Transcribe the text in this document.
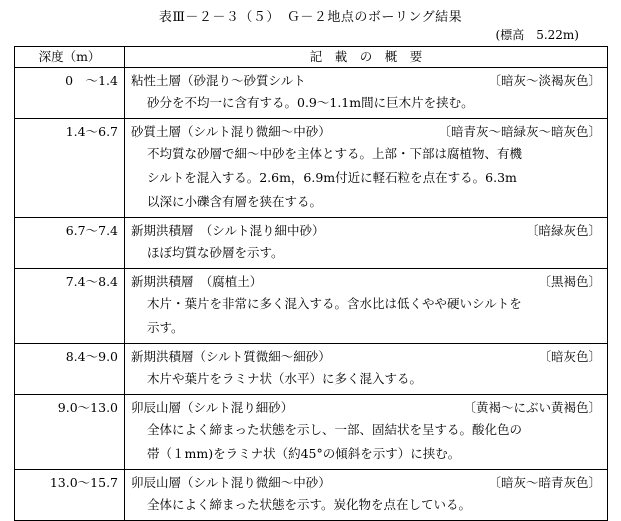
表Ⅲ－２－３（５）　Ｇ－２地点のボーリング結果
(標高　5.22m)
深度（m）	記　載　の　概　要
0　～1.4	粘性土層（砂混り～砂質シルト 〔暗灰～淡褐灰色〕
砂分を不均一に含有する。0.9～1.1m間に巨木片を挟む。

1.4～6.7	砂質土層（シルト混り微細～中砂） 〔暗青灰～暗緑灰～暗灰色〕
不均質な砂層で細～中砂を主体とする。上部・下部は腐植物、有機
シルトを混入する。2.6m，6.9m付近に軽石粒を点在する。6.3m
以深に小礫含有層を狭在する。

6.7～7.4	新期洪積層　（シルト混り細中砂） 〔暗緑灰色〕
ほぼ均質な砂層を示す。

7.4～8.4	新期洪積層　（腐植土） 〔黒褐色〕
木片・葉片を非常に多く混入する。含水比は低くやや硬いシルトを
示す。

8.4～9.0	新期洪積層（シルト質微細～細砂） 〔暗灰色〕
木片や葉片をラミナ状（水平）に多く混入する。

9.0～13.0	卯辰山層（シルト混り細砂） 〔黄褐～にぶい黄褐色〕
全体によく締まった状態を示し、一部、固結状を呈する。酸化色の
帯（１mm)をラミナ状（約45°の傾斜を示す）に挟む。

13.0～15.7	卯辰山層（シルト混り微細～中砂） 〔暗灰～暗青灰色〕
全体によく締まった状態を示す。炭化物を点在している。
